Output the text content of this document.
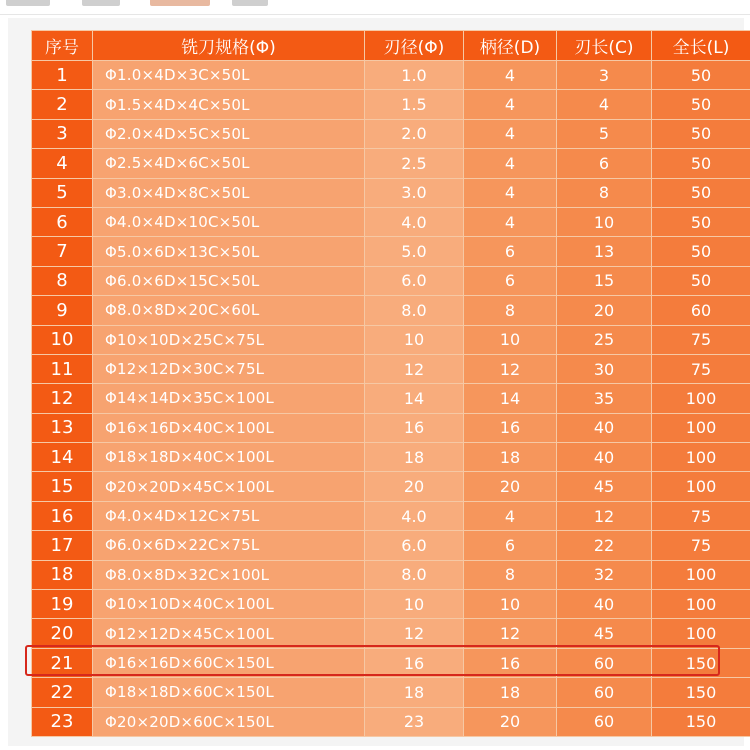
序号	铣刀规格(Φ)	刃径(Φ)	柄径(D)	刃长(C)	全长(L)
1	Φ1.0×4D×3C×50L	1.0	4	3	50
2	Φ1.5×4D×4C×50L	1.5	4	4	50
3	Φ2.0×4D×5C×50L	2.0	4	5	50
4	Φ2.5×4D×6C×50L	2.5	4	6	50
5	Φ3.0×4D×8C×50L	3.0	4	8	50
6	Φ4.0×4D×10C×50L	4.0	4	10	50
7	Φ5.0×6D×13C×50L	5.0	6	13	50
8	Φ6.0×6D×15C×50L	6.0	6	15	50
9	Φ8.0×8D×20C×60L	8.0	8	20	60
10	Φ10×10D×25C×75L	10	10	25	75
11	Φ12×12D×30C×75L	12	12	30	75
12	Φ14×14D×35C×100L	14	14	35	100
13	Φ16×16D×40C×100L	16	16	40	100
14	Φ18×18D×40C×100L	18	18	40	100
15	Φ20×20D×45C×100L	20	20	45	100
16	Φ4.0×4D×12C×75L	4.0	4	12	75
17	Φ6.0×6D×22C×75L	6.0	6	22	75
18	Φ8.0×8D×32C×100L	8.0	8	32	100
19	Φ10×10D×40C×100L	10	10	40	100
20	Φ12×12D×45C×100L	12	12	45	100
21	Φ16×16D×60C×150L	16	16	60	150
22	Φ18×18D×60C×150L	18	18	60	150
23	Φ20×20D×60C×150L	23	20	60	150
